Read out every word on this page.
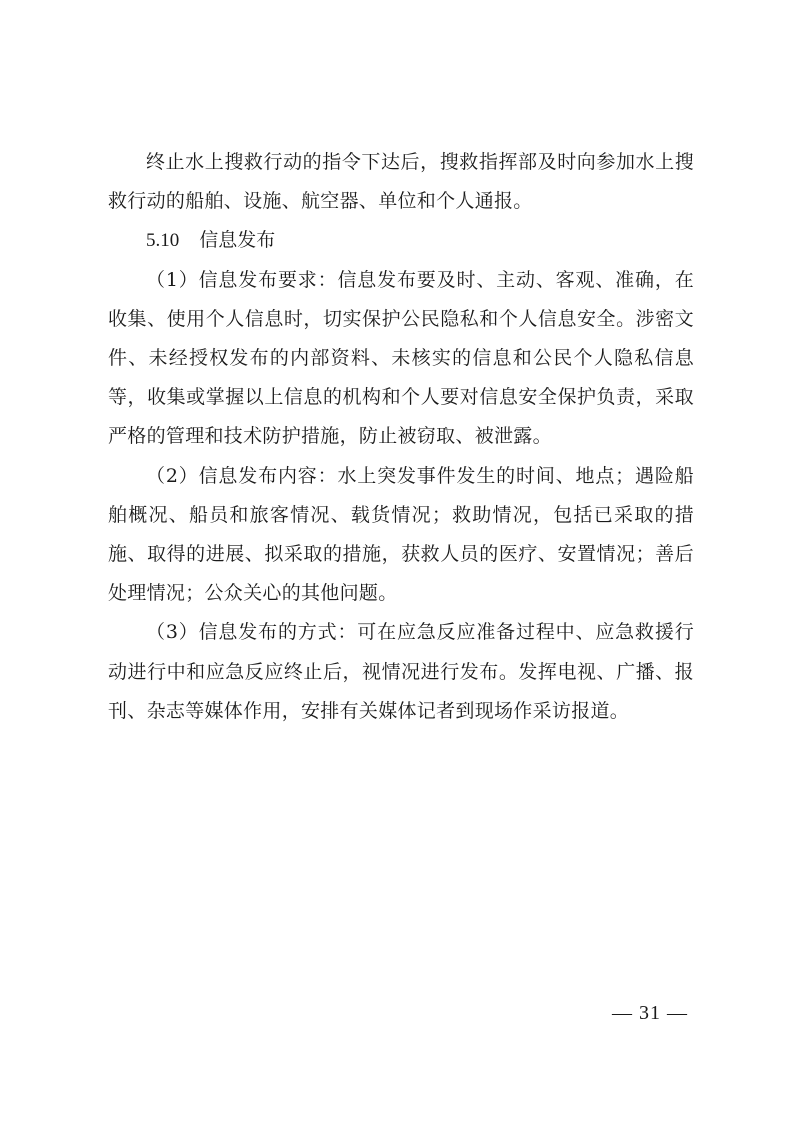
终止水上搜救行动的指令下达后，搜救指挥部及时向参加水上搜救行动的船舶、设施、航空器、单位和个人通报。

5.10 信息发布

（1）信息发布要求：信息发布要及时、主动、客观、准确，在收集、使用个人信息时，切实保护公民隐私和个人信息安全。涉密文件、未经授权发布的内部资料、未核实的信息和公民个人隐私信息等，收集或掌握以上信息的机构和个人要对信息安全保护负责，采取严格的管理和技术防护措施，防止被窃取、被泄露。

（2）信息发布内容：水上突发事件发生的时间、地点；遇险船舶概况、船员和旅客情况、载货情况；救助情况，包括已采取的措施、取得的进展、拟采取的措施，获救人员的医疗、安置情况；善后处理情况；公众关心的其他问题。

（3）信息发布的方式：可在应急反应准备过程中、应急救援行动进行中和应急反应终止后，视情况进行发布。发挥电视、广播、报刊、杂志等媒体作用，安排有关媒体记者到现场作采访报道。

— 31 —
